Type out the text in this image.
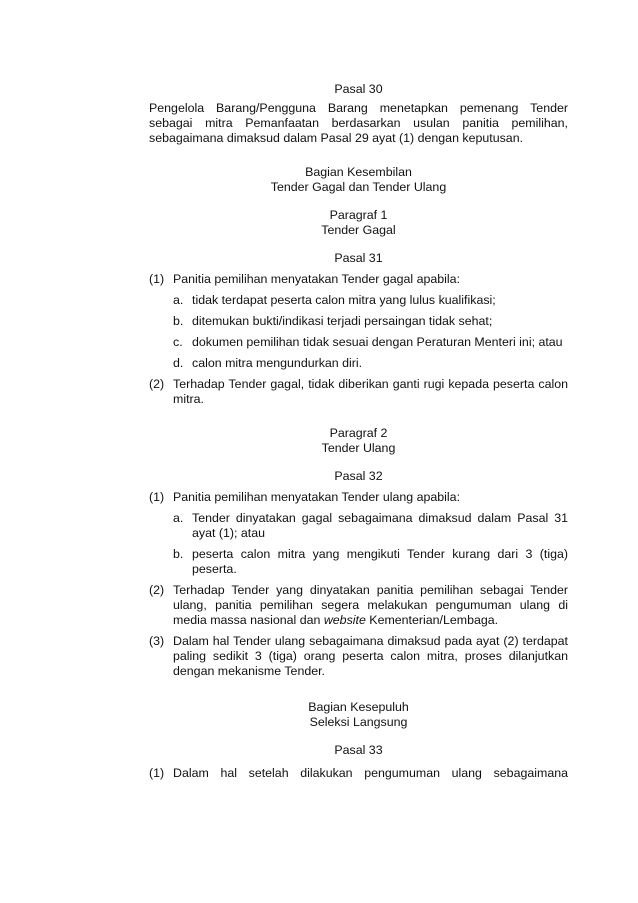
Pasal 30

Pengelola Barang/Pengguna Barang menetapkan pemenang Tender sebagai mitra Pemanfaatan berdasarkan usulan panitia pemilihan, sebagaimana dimaksud dalam Pasal 29 ayat (1) dengan keputusan.

Bagian Kesembilan
Tender Gagal dan Tender Ulang
Paragraf 1
Tender Gagal
Pasal 31
(1) Panitia pemilihan menyatakan Tender gagal apabila:
a. tidak terdapat peserta calon mitra yang lulus kualifikasi;
b. ditemukan bukti/indikasi terjadi persaingan tidak sehat;
c. dokumen pemilihan tidak sesuai dengan Peraturan Menteri ini; atau
d. calon mitra mengundurkan diri.
(2) Terhadap Tender gagal, tidak diberikan ganti rugi kepada peserta calon mitra.
Paragraf 2
Tender Ulang
Pasal 32
(1) Panitia pemilihan menyatakan Tender ulang apabila:
a. Tender dinyatakan gagal sebagaimana dimaksud dalam Pasal 31 ayat (1); atau
b. peserta calon mitra yang mengikuti Tender kurang dari 3 (tiga) peserta.
(2) Terhadap Tender yang dinyatakan panitia pemilihan sebagai Tender ulang, panitia pemilihan segera melakukan pengumuman ulang di media massa nasional dan website Kementerian/Lembaga.
(3) Dalam hal Tender ulang sebagaimana dimaksud pada ayat (2) terdapat paling sedikit 3 (tiga) orang peserta calon mitra, proses dilanjutkan dengan mekanisme Tender.
Bagian Kesepuluh
Seleksi Langsung
Pasal 33
(1) Dalam hal setelah dilakukan pengumuman ulang sebagaimana
